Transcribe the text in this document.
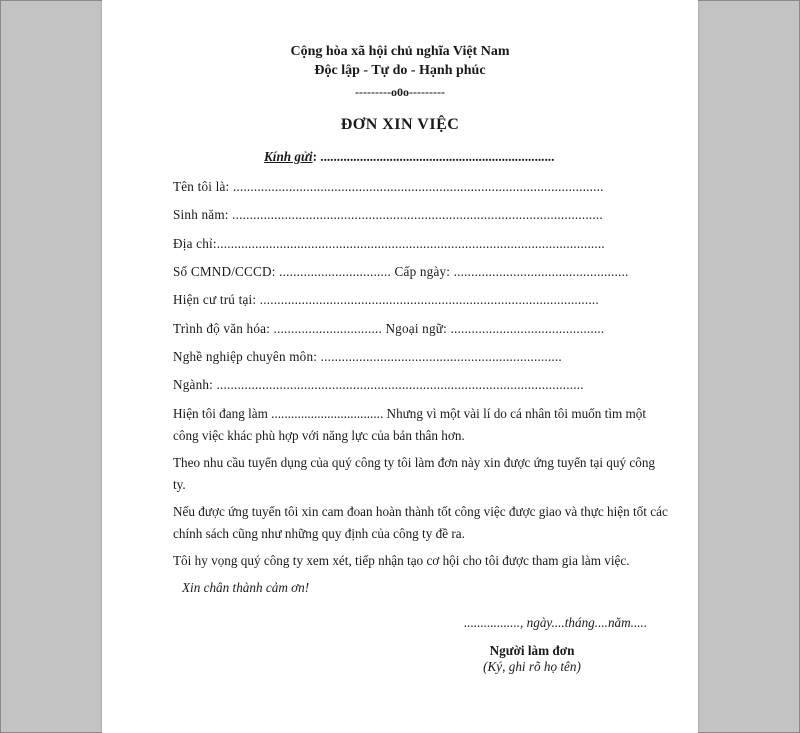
Cộng hòa xã hội chủ nghĩa Việt Nam
Độc lập - Tự do - Hạnh phúc
---------o0o---------
ĐƠN XIN VIỆC
Kính gửi: .......................................................................
Tên tôi là: ..........................................................................................................
Sinh năm: ..........................................................................................................
Địa chỉ:...............................................................................................................
Số CMND/CCCD: ................................ Cấp ngày: ..................................................
Hiện cư trú tại: .................................................................................................
Trình độ văn hóa: ............................... Ngoại ngữ: ............................................
Nghề nghiệp chuyên môn: .....................................................................
Ngành: .........................................................................................................
Hiện tôi đang làm .................................. Nhưng vì một vài lí do cá nhân tôi muốn tìm một
công việc khác phù hợp với năng lực của bản thân hơn.
Theo nhu cầu tuyển dụng của quý công ty tôi làm đơn này xin được ứng tuyển tại quý công
ty.
Nếu được ứng tuyển tôi xin cam đoan hoàn thành tốt công việc được giao và thực hiện tốt các
chính sách cũng như những quy định của công ty đề ra.
Tôi hy vọng quý công ty xem xét, tiếp nhận tạo cơ hội cho tôi được tham gia làm việc.
Xin chân thành cảm ơn!
................., ngày....tháng....năm.....
Người làm đơn
(Ký, ghi rõ họ tên)
